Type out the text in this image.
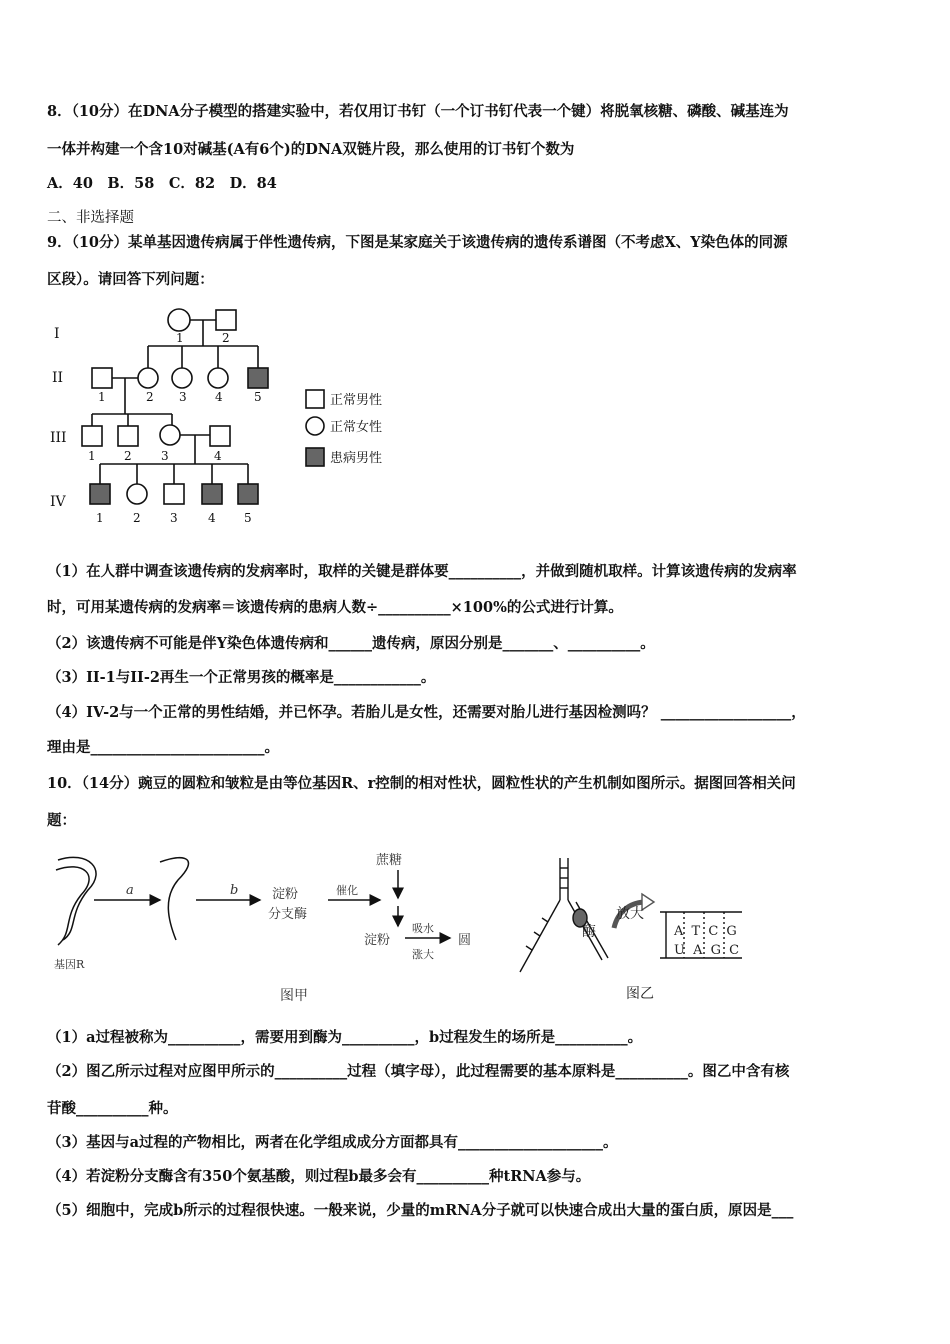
8．（10分）在DNA分子模型的搭建实验中，若仅用订书钉（一个订书钉代表一个键）将脱氧核糖、磷酸、碱基连为
一体并构建一个含10对碱基(A有6个)的DNA双链片段，那么使用的订书钉个数为
A．40　B．58　C．82　D．84
二、非选择题
9．（10分）某单基因遗传病属于伴性遗传病，下图是某家庭关于该遗传病的遗传系谱图（不考虑X、Y染色体的同源
区段）。请回答下列问题：
I
II
III
IV
1	2
1	2 3 4	5
1 2 3	4
1 2 3	4 5
正常男性
正常女性
患病男性
（1）在人群中调查该遗传病的发病率时，取样的关键是群体要__________，并做到随机取样。计算该遗传病的发病率
时，可用某遗传病的发病率＝该遗传病的患病人数÷__________×100%的公式进行计算。
（2）该遗传病不可能是伴Y染色体遗传病和______遗传病，原因分别是_______、__________。
（3）II-1与II-2再生一个正常男孩的概率是____________。
（4）IV-2与一个正常的男性结婚，并已怀孕。若胎儿是女性，还需要对胎儿进行基因检测吗？ __________________，
理由是________________________。
10．（14分）豌豆的圆粒和皱粒是由等位基因R、r控制的相对性状，圆粒性状的产生机制如图所示。据图回答相关问
题：
a	b
基因R
淀粉
分支酶
催化
蔗糖
淀粉
吸水
涨大
圆
图甲
酶
放大
A T C G
U A G C
图乙
（1）a过程被称为__________，需要用到酶为__________，b过程发生的场所是__________。
（2）图乙所示过程对应图甲所示的__________过程（填字母），此过程需要的基本原料是__________。图乙中含有核
苷酸__________种。
（3）基因与a过程的产物相比，两者在化学组成成分方面都具有____________________。
（4）若淀粉分支酶含有350个氨基酸，则过程b最多会有__________种tRNA参与。
（5）细胞中，完成b所示的过程很快速。一般来说，少量的mRNA分子就可以快速合成出大量的蛋白质，原因是___
